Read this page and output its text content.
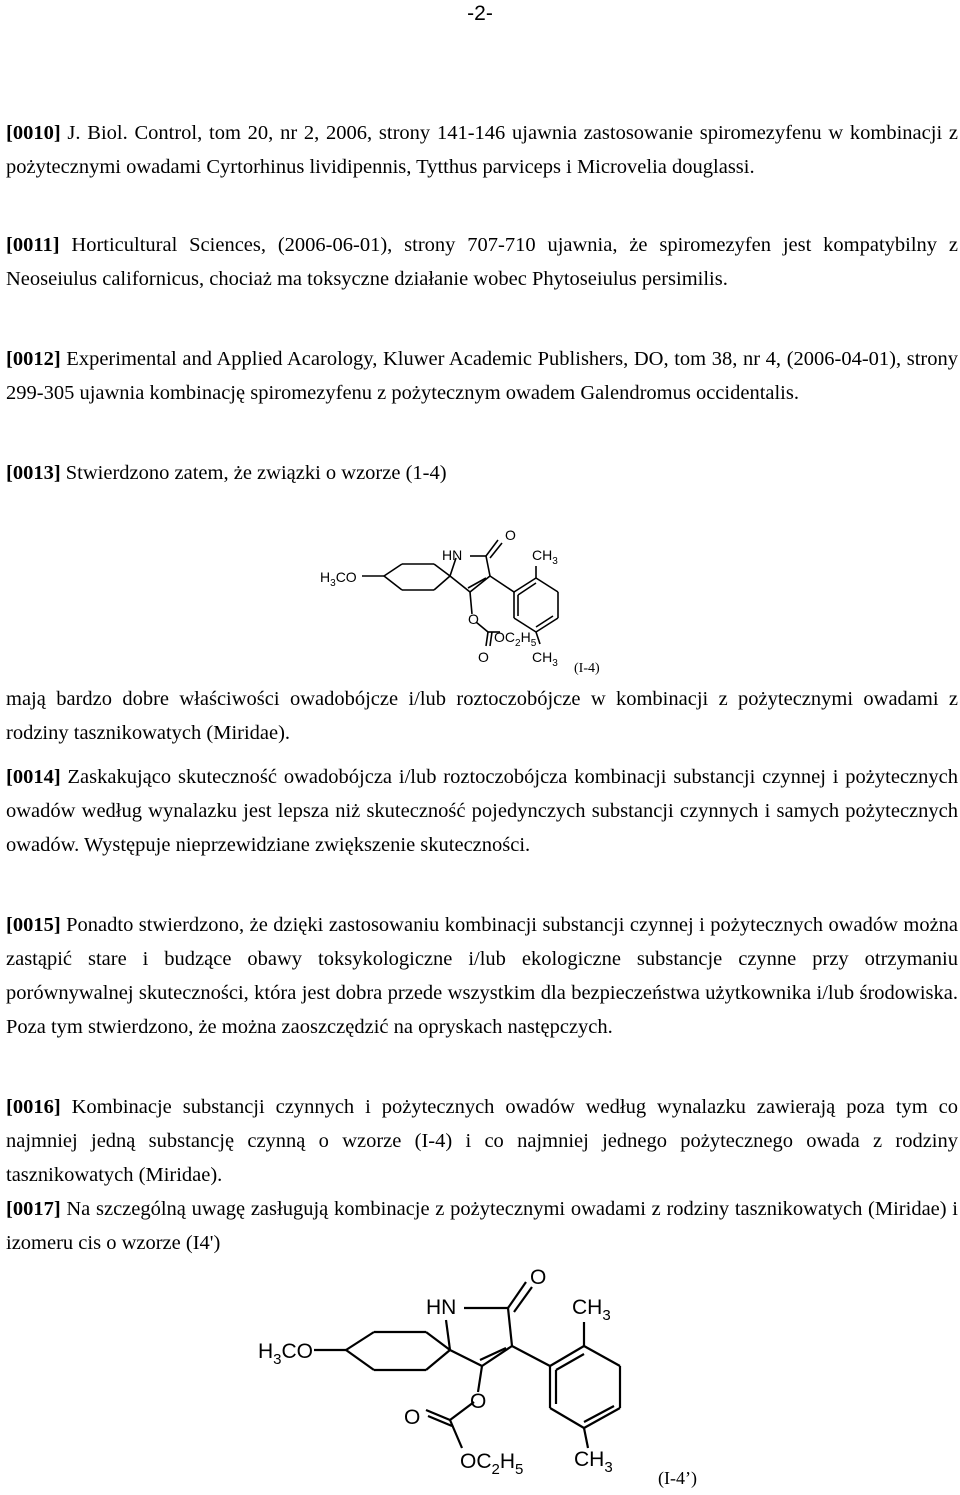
-2-

[0010] J. Biol. Control, tom 20, nr 2, 2006, strony 141-146 ujawnia zastosowanie spiromezyfenu w kombinacji z pożytecznymi owadami Cyrtorhinus lividipennis, Tytthus parviceps i Microvelia douglassi.

[0011] Horticultural Sciences, (2006-06-01), strony 707-710 ujawnia, że spiromezyfen jest kompatybilny z Neoseiulus californicus, chociaż ma toksyczne działanie wobec Phytoseiulus persimilis.

[0012] Experimental and Applied Acarology, Kluwer Academic Publishers, DO, tom 38, nr 4, (2006-04-01), strony 299-305 ujawnia kombinację spiromezyfenu z pożytecznym owadem Galendromus occidentalis.

[0013] Stwierdzono zatem, że związki o wzorze (1-4)

O
HN	$CH_3$
$H_3CO$
O
$OC_2H_5$
O	$CH_3$ (I-4)

mają bardzo dobre właściwości owadobójcze i/lub roztoczobójcze w kombinacji z pożytecznymi owadami z rodziny tasznikowatych (Miridae).

[0014] Zaskakująco skuteczność owadobójcza i/lub roztoczobójcza kombinacji substancji czynnej i pożytecznych owadów według wynalazku jest lepsza niż skuteczność pojedynczych substancji czynnych i samych pożytecznych owadów. Występuje nieprzewidziane zwiększenie skuteczności.

[0015] Ponadto stwierdzono, że dzięki zastosowaniu kombinacji substancji czynnej i pożytecznych owadów można zastąpić stare i budzące obawy toksykologiczne i/lub ekologiczne substancje czynne przy otrzymaniu porównywalnej skuteczności, która jest dobra przede wszystkim dla bezpieczeństwa użytkownika i/lub środowiska. Poza tym stwierdzono, że można zaoszczędzić na opryskach następczych.

[0016] Kombinacje substancji czynnych i pożytecznych owadów według wynalazku zawierają poza tym co najmniej jedną substancję czynną o wzorze (I-4) i co najmniej jednego pożytecznego owada z rodziny tasznikowatych (Miridae).

[0017] Na szczególną uwagę zasługują kombinacje z pożytecznymi owadami z rodziny tasznikowatych (Miridae) i izomeru cis o wzorze (I4')

O
HN	$CH_3$
$H_3CO$
O
O
$OC_2H_5$ $CH_3$
(I-4’)
